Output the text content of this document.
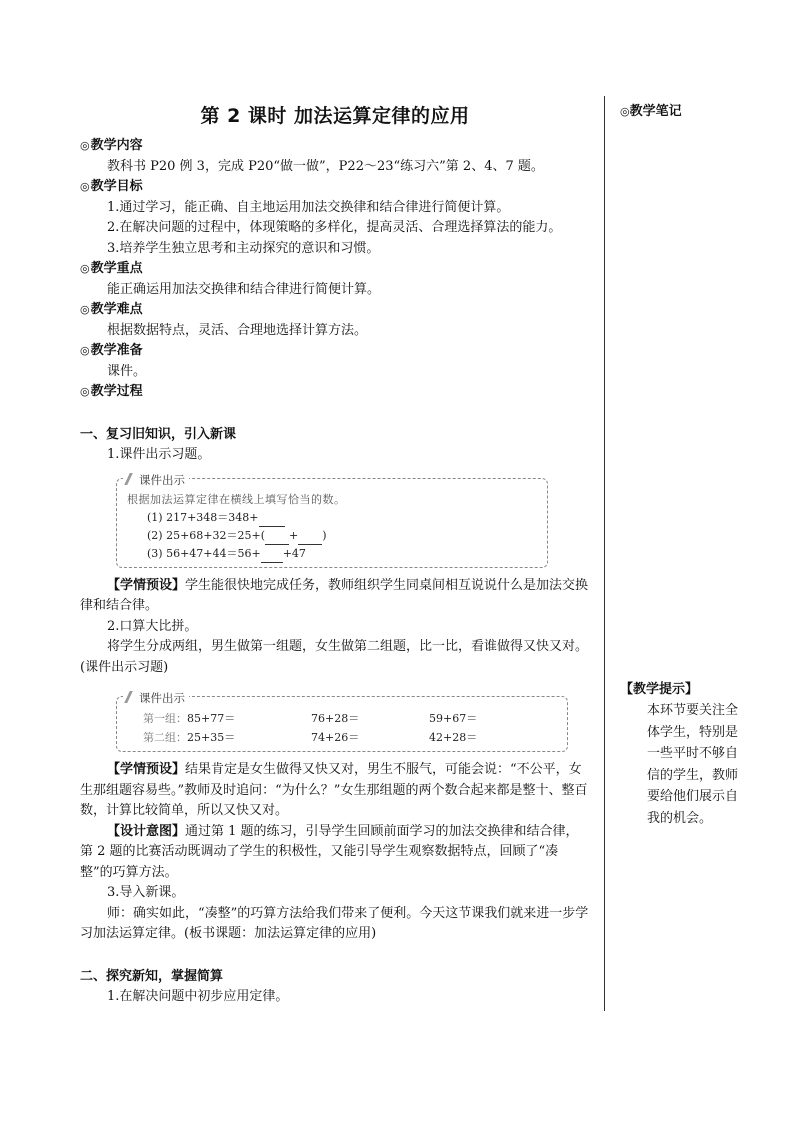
第 2 课时 加法运算定律的应用
◎教学内容
教科书 P20 例 3，完成 P20“做一做”，P22～23“练习六”第 2、4、7 题。
◎教学目标
1.通过学习，能正确、自主地运用加法交换律和结合律进行简便计算。
2.在解决问题的过程中，体现策略的多样化，提高灵活、合理选择算法的能力。
3.培养学生独立思考和主动探究的意识和习惯。
◎教学重点
能正确运用加法交换律和结合律进行简便计算。
◎教学难点
根据数据特点，灵活、合理地选择计算方法。
◎教学准备
课件。
◎教学过程
一、复习旧知识，引入新课
1.课件出示习题。
课件出示
根据加法运算定律在横线上填写恰当的数。
(1) 217+348＝348+
(2) 25+68+32＝25+( + )
(3) 56+47+44＝56+ +47
【学情预设】学生能很快地完成任务，教师组织学生同桌间相互说说什么是加法交换律和结合律。
2.口算大比拼。
将学生分成两组，男生做第一组题，女生做第二组题，比一比，看谁做得又快又对。(课件出示习题)
课件出示
第一组：85+77＝	76+28＝	59+67＝
第二组：25+35＝	74+26＝	42+28＝
【学情预设】结果肯定是女生做得又快又对，男生不服气，可能会说：“不公平，女生那组题容易些。”教师及时追问：“为什么？”女生那组题的两个数合起来都是整十、整百数，计算比较简单，所以又快又对。
【设计意图】通过第 1 题的练习，引导学生回顾前面学习的加法交换律和结合律，第 2 题的比赛活动既调动了学生的积极性，又能引导学生观察数据特点，回顾了“凑整”的巧算方法。
3.导入新课。
师：确实如此，“凑整”的巧算方法给我们带来了便利。今天这节课我们就来进一步学习加法运算定律。(板书课题：加法运算定律的应用)
二、探究新知，掌握简算
1.在解决问题中初步应用定律。
◎教学笔记
【教学提示】
本环节要关注全体学生，特别是一些平时不够自信的学生，教师要给他们展示自我的机会。
